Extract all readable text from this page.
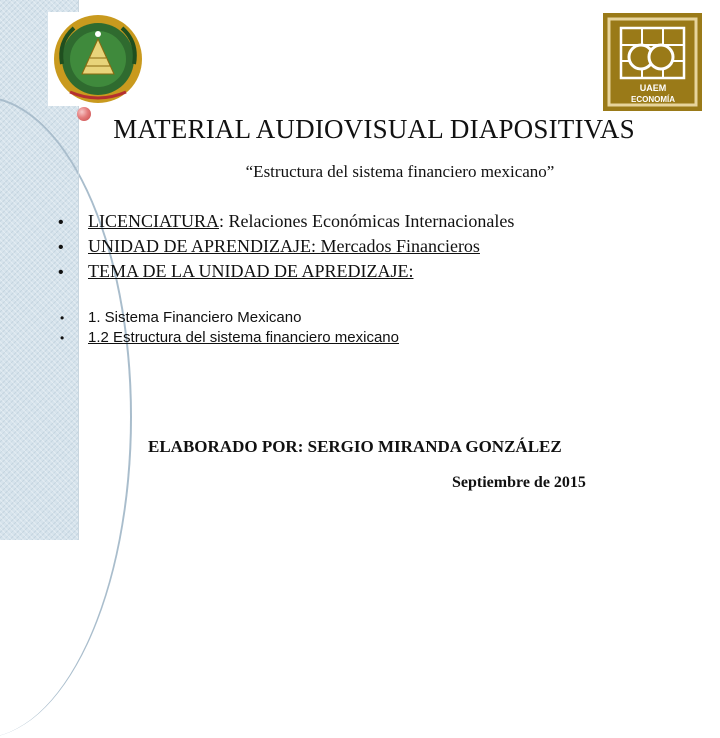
UAEM
ECONOMÍA
MATERIAL AUDIOVISUAL DIAPOSITIVAS
“Estructura del sistema financiero mexicano”
• LICENCIATURA: Relaciones Económicas Internacionales
• UNIDAD DE APRENDIZAJE: Mercados Financieros
• TEMA DE LA UNIDAD DE APREDIZAJE:
• 1. Sistema Financiero Mexicano
• 1.2 Estructura del sistema financiero mexicano
ELABORADO POR: SERGIO MIRANDA GONZÁLEZ
Septiembre de 2015
